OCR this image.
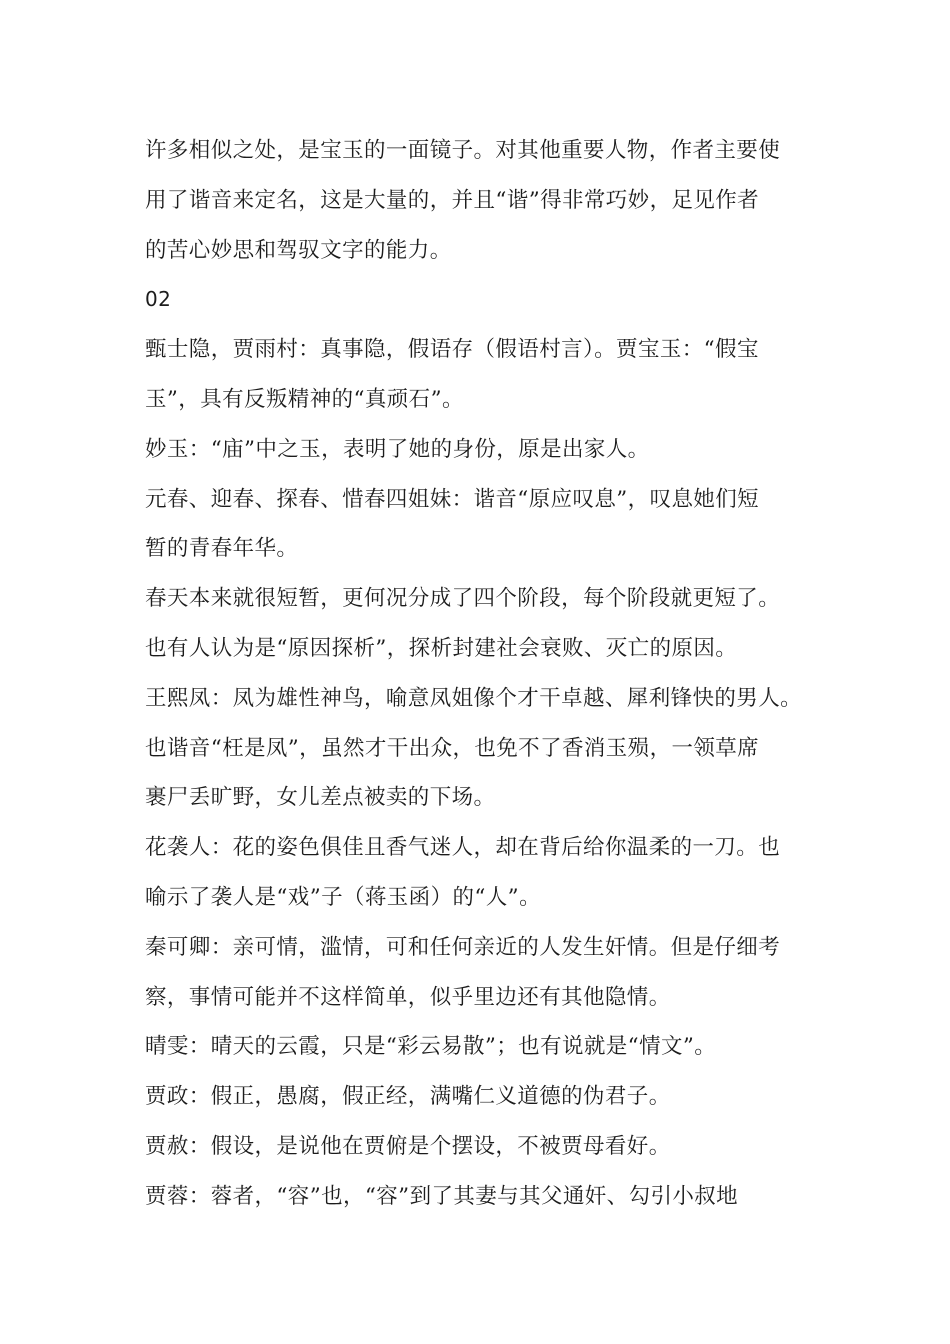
许多相似之处，是宝玉的一面镜子。对其他重要人物，作者主要使
用了谐音来定名，这是大量的，并且“谐”得非常巧妙，足见作者
的苦心妙思和驾驭文字的能力。
02
甄士隐，贾雨村：真事隐，假语存（假语村言）。贾宝玉：“假宝
玉”，具有反叛精神的“真顽石”。
妙玉：“庙”中之玉，表明了她的身份，原是出家人。
元春、迎春、探春、惜春四姐妹：谐音“原应叹息”，叹息她们短
暂的青春年华。
春天本来就很短暂，更何况分成了四个阶段，每个阶段就更短了。
也有人认为是“原因探析”，探析封建社会衰败、灭亡的原因。
王熙凤：凤为雄性神鸟，喻意凤姐像个才干卓越、犀利锋快的男人。
也谐音“枉是凤”，虽然才干出众，也免不了香消玉殒，一领草席
裹尸丢旷野，女儿差点被卖的下场。
花袭人：花的姿色俱佳且香气迷人，却在背后给你温柔的一刀。也
喻示了袭人是“戏”子（蒋玉函）的“人”。
秦可卿：亲可情，滥情，可和任何亲近的人发生奸情。但是仔细考
察，事情可能并不这样简单，似乎里边还有其他隐情。
晴雯：晴天的云霞，只是“彩云易散”；也有说就是“情文”。
贾政：假正，愚腐，假正经，满嘴仁义道德的伪君子。
贾赦：假设，是说他在贾俯是个摆设，不被贾母看好。
贾蓉：蓉者，“容”也，“容”到了其妻与其父通奸、勾引小叔地
